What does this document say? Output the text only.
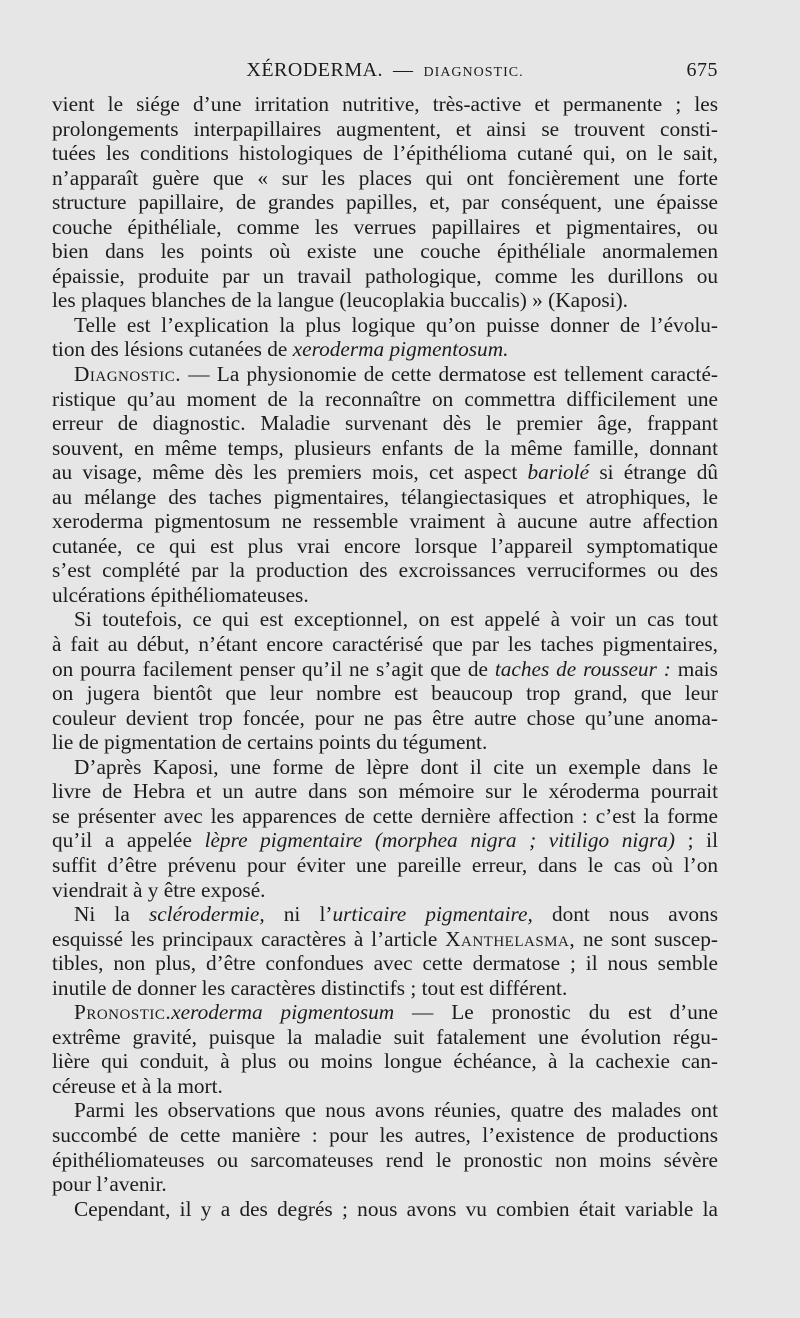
XÉRODERMA. — DIAGNOSTIC.	675
vient le siége d’une irritation nutritive, très-active et permanente ; les
prolongements interpapillaires augmentent, et ainsi se trouvent consti-
tuées les conditions histologiques de l’épithélioma cutané qui, on le sait,
n’apparaît guère que « sur les places qui ont foncièrement une forte
structure papillaire, de grandes papilles, et, par conséquent, une épaisse
couche épithéliale, comme les verrues papillaires et pigmentaires, ou
bien dans les points où existe une couche épithéliale anormalemen
épaissie, produite par un travail pathologique, comme les durillons ou
les plaques blanches de la langue (leucoplakia buccalis) » (Kaposi).
Telle est l’explication la plus logique qu’on puisse donner de l’évolu-
tion des lésions cutanées de xeroderma pigmentosum.
Diagnostic. — La physionomie de cette dermatose est tellement caracté-
ristique qu’au moment de la reconnaître on commettra difficilement une
erreur de diagnostic. Maladie survenant dès le premier âge, frappant
souvent, en même temps, plusieurs enfants de la même famille, donnant
au visage, même dès les premiers mois, cet aspect bariolé si étrange dû
au mélange des taches pigmentaires, télangiectasiques et atrophiques, le
xeroderma pigmentosum ne ressemble vraiment à aucune autre affection
cutanée, ce qui est plus vrai encore lorsque l’appareil symptomatique
s’est complété par la production des excroissances verruciformes ou des
ulcérations épithéliomateuses.
Si toutefois, ce qui est exceptionnel, on est appelé à voir un cas tout
à fait au début, n’étant encore caractérisé que par les taches pigmentaires,
on pourra facilement penser qu’il ne s’agit que de taches de rousseur : mais
on jugera bientôt que leur nombre est beaucoup trop grand, que leur
couleur devient trop foncée, pour ne pas être autre chose qu’une anoma-
lie de pigmentation de certains points du tégument.
D’après Kaposi, une forme de lèpre dont il cite un exemple dans le
livre de Hebra et un autre dans son mémoire sur le xéroderma pourrait
se présenter avec les apparences de cette dernière affection : c’est la forme
qu’il a appelée lèpre pigmentaire (morphea nigra ; vitiligo nigra) ; il
suffit d’être prévenu pour éviter une pareille erreur, dans le cas où l’on
viendrait à y être exposé.
Ni la sclérodermie, ni l’urticaire pigmentaire, dont nous avons
esquissé les principaux caractères à l’article Xanthelasma, ne sont suscep-
tibles, non plus, d’être confondues avec cette dermatose ; il nous semble
inutile de donner les caractères distinctifs ; tout est différent.
Pronostic.xeroderma pigmentosum — Le pronostic du est d’une
extrême gravité, puisque la maladie suit fatalement une évolution régu-
lière qui conduit, à plus ou moins longue échéance, à la cachexie can-
céreuse et à la mort.
Parmi les observations que nous avons réunies, quatre des malades ont
succombé de cette manière : pour les autres, l’existence de productions
épithéliomateuses ou sarcomateuses rend le pronostic non moins sévère
pour l’avenir.
Cependant, il y a des degrés ; nous avons vu combien était variable la
